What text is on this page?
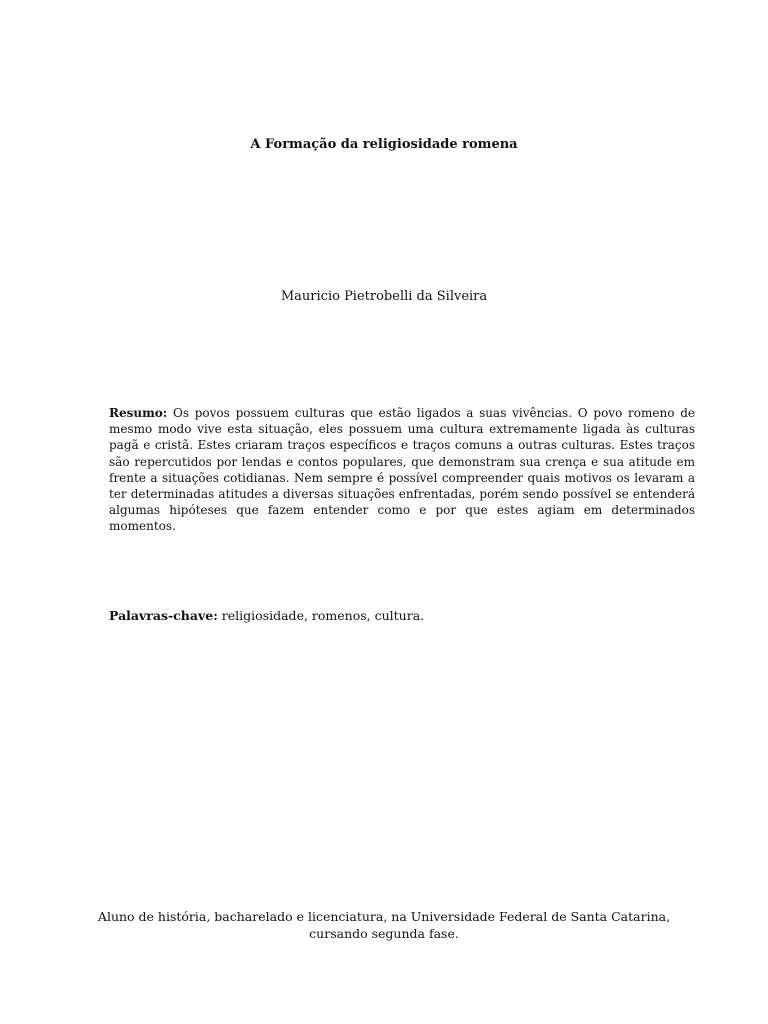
A Formação da religiosidade romena
Mauricio Pietrobelli da Silveira

Resumo: Os povos possuem culturas que estão ligados a suas vivências. O povo romeno de mesmo modo vive esta situação, eles possuem uma cultura extremamente ligada às culturas pagã e cristã. Estes criaram traços específicos e traços comuns a outras culturas. Estes traços são repercutidos por lendas e contos populares, que demonstram sua crença e sua atitude em frente a situações cotidianas. Nem sempre é possível compreender quais motivos os levaram a ter determinadas atitudes a diversas situações enfrentadas, porém sendo possível se entenderá algumas hipóteses que fazem entender como e por que estes agiam em determinados momentos.

Palavras-chave: religiosidade, romenos, cultura.

Aluno de história, bacharelado e licenciatura, na Universidade Federal de Santa Catarina,
cursando segunda fase.
